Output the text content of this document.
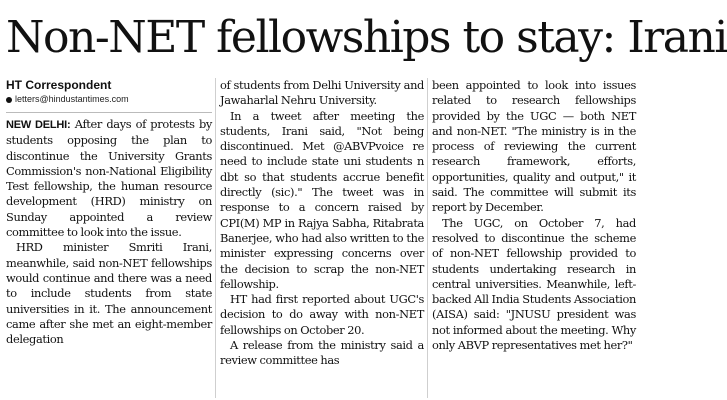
Non-NET fellowships to stay: Irani

HT Correspondent

letters@hindustantimes.com

NEW DELHI: After days of protests by students opposing the plan to discontinue the University Grants Commission's non-National Eligibility Test fellowship, the human resource development (HRD) ministry on Sunday appointed a review committee to look into the issue.

HRD minister Smriti Irani, meanwhile, said non-NET fellowships would continue and there was a need to include students from state universities in it. The announcement came after she met an eight-member delegation

of students from Delhi University and Jawaharlal Nehru University.

In a tweet after meeting the students, Irani said, "Not being discontinued. Met @ABVPvoice re need to include state uni students n dbt so that students accrue benefit directly (sic)." The tweet was in response to a concern raised by CPI(M) MP in Rajya Sabha, Ritabrata Banerjee, who had also written to the minister expressing concerns over the decision to scrap the non-NET fellowship.

HT had first reported about UGC's decision to do away with non-NET fellowships on October 20.

A release from the ministry said a review committee has

been appointed to look into issues related to research fellowships provided by the UGC — both NET and non-NET. "The ministry is in the process of reviewing the current research framework, efforts, opportunities, quality and output," it said. The committee will submit its report by December.

The UGC, on October 7, had resolved to discontinue the scheme of non-NET fellowship provided to students undertaking research in central universities. Meanwhile, left-backed All India Students Association (AISA) said: "JNUSU president was not informed about the meeting. Why only ABVP representatives met her?"
